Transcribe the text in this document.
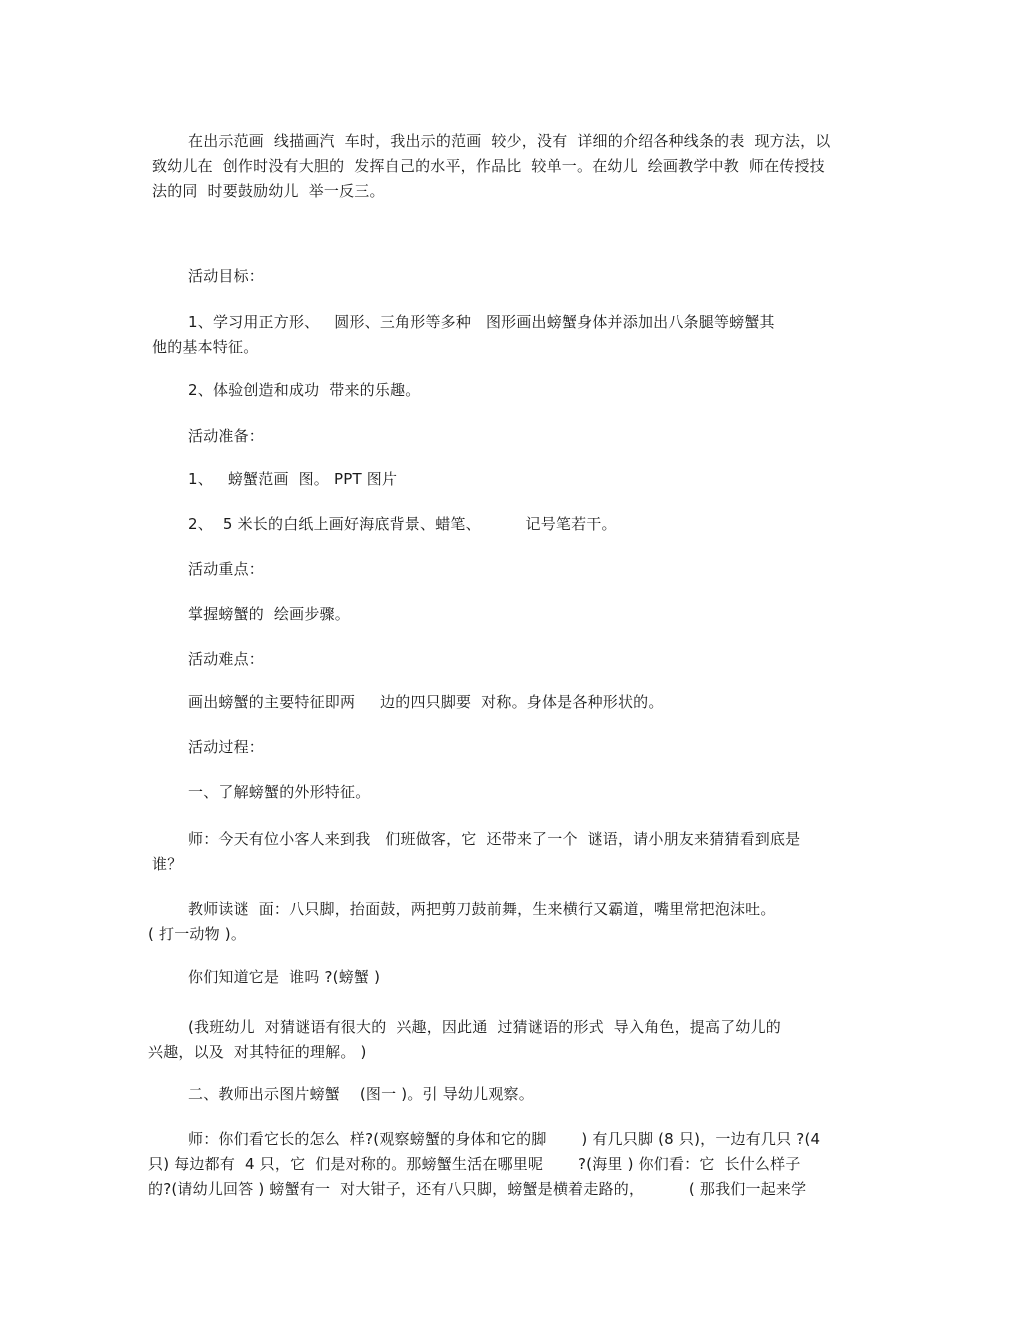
在出示范画  线描画汽  车时，我出示的范画  较少，没有  详细的介绍各种线条的表  现方法，以
致幼儿在  创作时没有大胆的  发挥自己的水平，作品比  较单一。在幼儿  绘画教学中教  师在传授技
法的同  时要鼓励幼儿  举一反三。
活动目标：
1、学习用正方形、   圆形、三角形等多种   图形画出螃蟹身体并添加出八条腿等螃蟹其
他的基本特征。
2、体验创造和成功  带来的乐趣。
活动准备：
1、   螃蟹范画  图。 PPT 图片
2、  5 米长的白纸上画好海底背景、蜡笔、         记号笔若干。
活动重点：
掌握螃蟹的  绘画步骤。
活动难点：
画出螃蟹的主要特征即两     边的四只脚要  对称。身体是各种形状的。
活动过程：
一、了解螃蟹的外形特征。
师：今天有位小客人来到我   们班做客，它  还带来了一个  谜语，请小朋友来猜猜看到底是
谁？
教师读谜  面：八只脚，抬面鼓，两把剪刀鼓前舞，生来横行又霸道，嘴里常把泡沫吐。
( 打一动物 )。
你们知道它是  谁吗 ?(螃蟹 )
(我班幼儿  对猜谜语有很大的  兴趣，因此通  过猜谜语的形式  导入角色，提高了幼儿的
兴趣，以及  对其特征的理解。 )
二、教师出示图片螃蟹    (图一 )。引 导幼儿观察。
师：你们看它长的怎么  样?(观察螃蟹的身体和它的脚       ) 有几只脚 (8 只)，一边有几只 ?(4
只) 每边都有  4 只，它  们是对称的。那螃蟹生活在哪里呢       ?(海里 ) 你们看：它  长什么样子
的?(请幼儿回答 ) 螃蟹有一  对大钳子，还有八只脚，螃蟹是横着走路的，         ( 那我们一起来学
